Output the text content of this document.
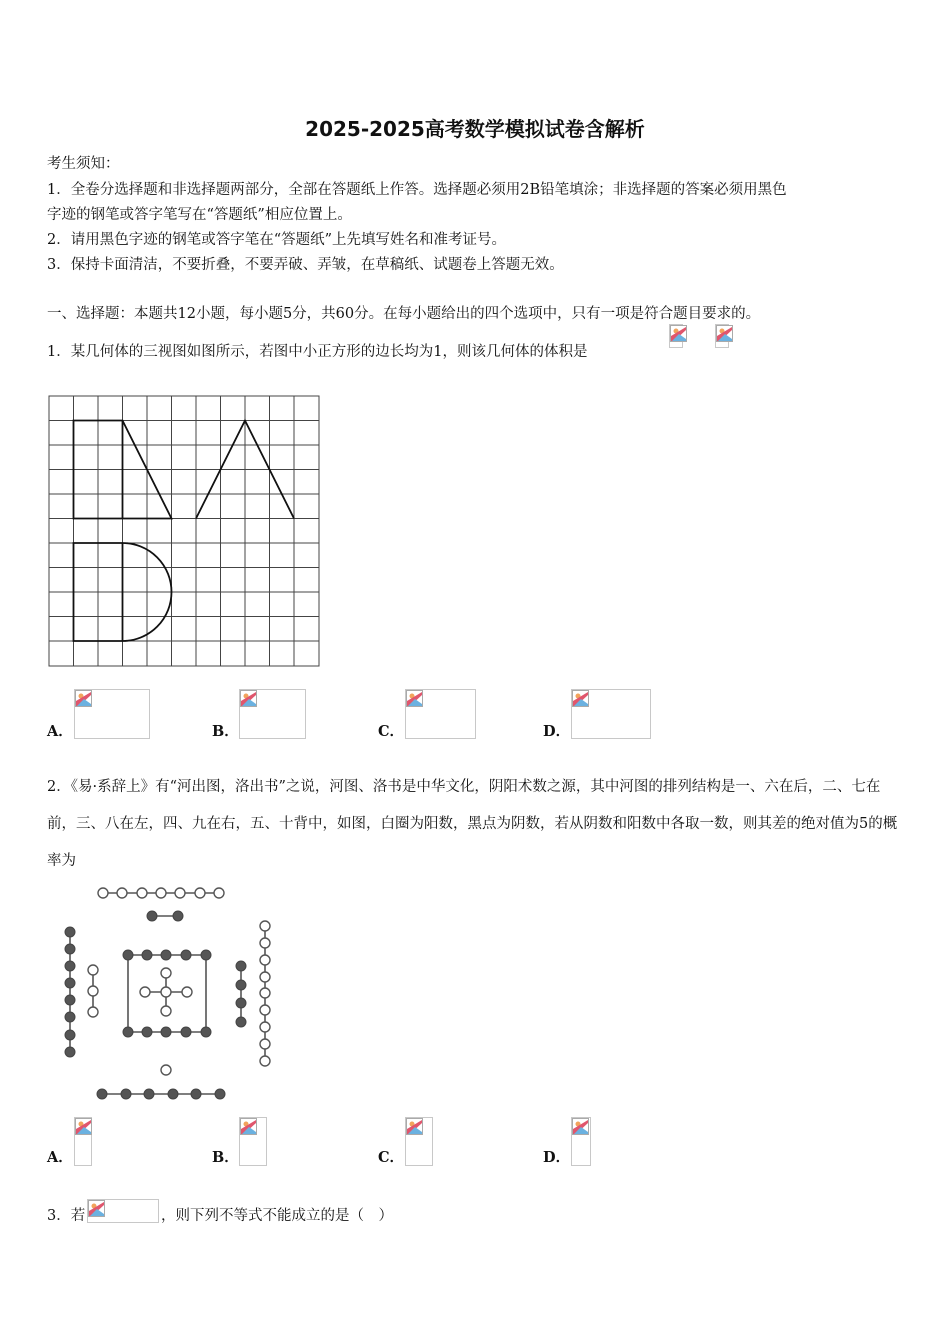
2025-2025高考数学模拟试卷含解析
考生须知：
1．全卷分选择题和非选择题两部分，全部在答题纸上作答。选择题必须用2B铅笔填涂；非选择题的答案必须用黑色
字迹的钢笔或答字笔写在“答题纸”相应位置上。
2．请用黑色字迹的钢笔或答字笔在“答题纸”上先填写姓名和准考证号。
3．保持卡面清洁，不要折叠，不要弄破、弄皱，在草稿纸、试题卷上答题无效。
一、选择题：本题共12小题，每小题5分，共60分。在每小题给出的四个选项中，只有一项是符合题目要求的。
1．某几何体的三视图如图所示，若图中小正方形的边长均为1，则该几何体的体积是
A．	B．	C．	D．
2．《易·系辞上》有“河出图，洛出书”之说，河图、洛书是中华文化，阴阳术数之源，其中河图的排列结构是一、六在后，二、七在前，三、八在左，四、九在右，五、十背中，如图，白圈为阳数，黑点为阴数，若从阴数和阳数中各取一数，则其差的绝对值为5的概率为
A．	B．	C．	D．
3．若	，则下列不等式不能成立的是（　）
